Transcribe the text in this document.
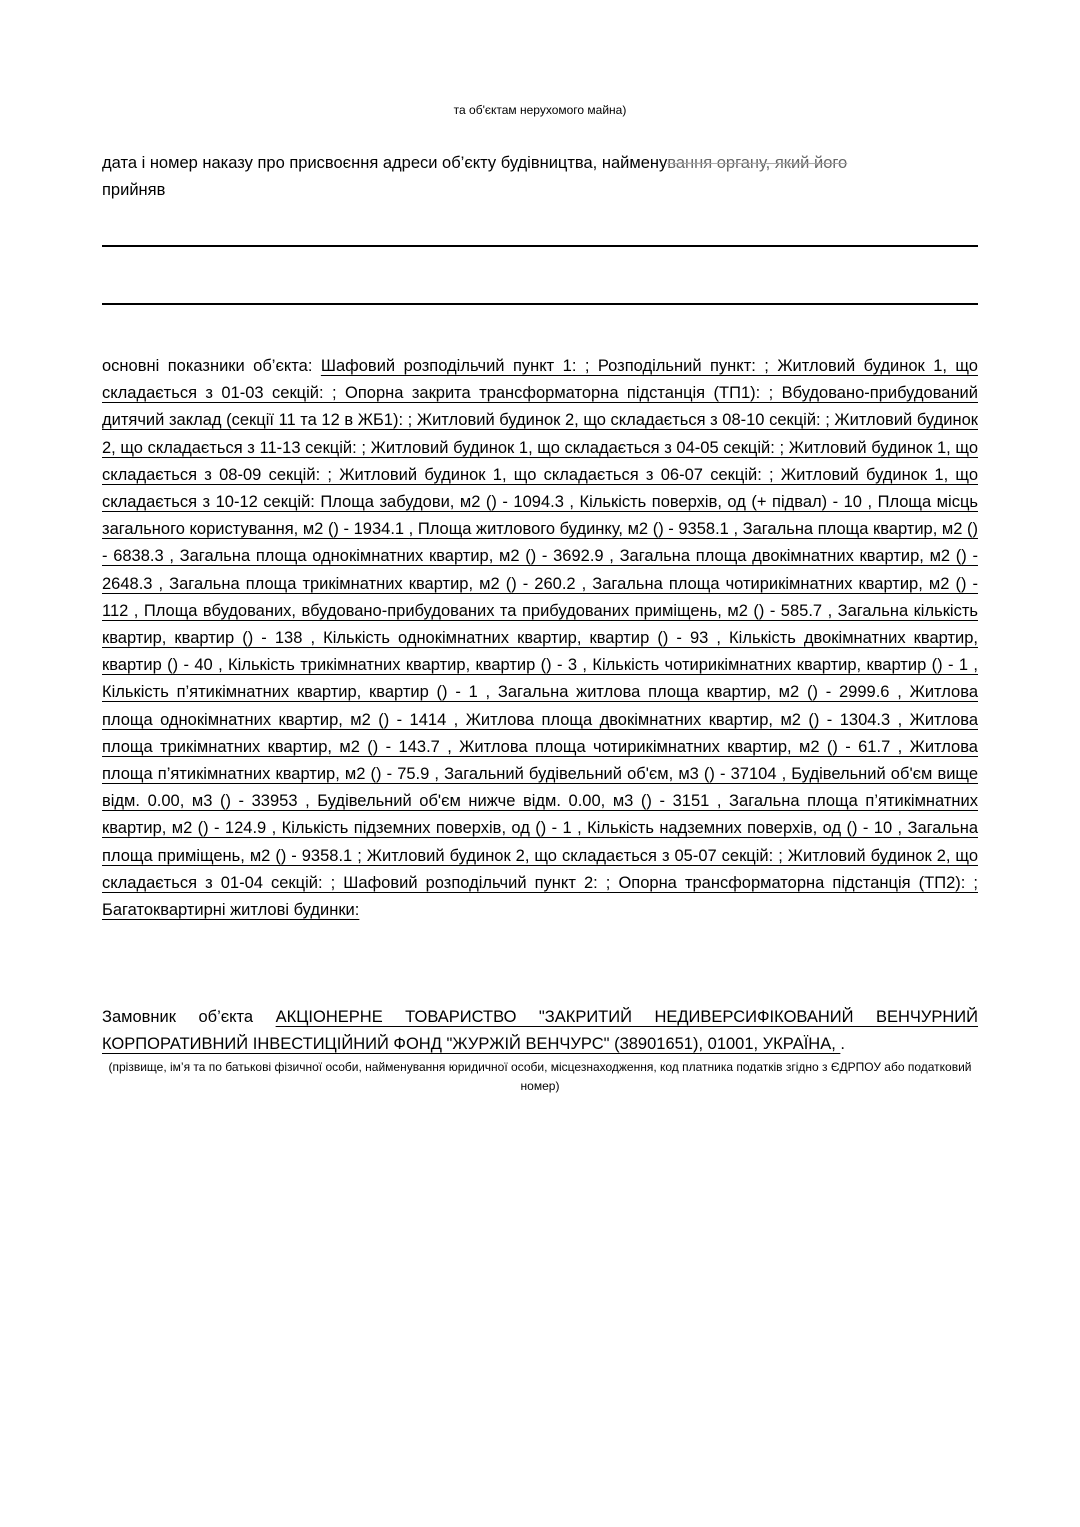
та об'єктам нерухомого майна)
дата і номер наказу про присвоєння адреси об’єкту будівництва, найменування органу, який його
прийняв
основні показники об’єкта: Шафовий розподільчий пункт 1: ; Розподільний пункт: ; Житловий будинок 1, що складається з 01-03 секцій: ; Опорна закрита трансформаторна підстанція (ТП1): ; Вбудовано-прибудований дитячий заклад (секції 11 та 12 в ЖБ1): ; Житловий будинок 2, що складається з 08-10 секцій: ; Житловий будинок 2, що складається з 11-13 секцій: ; Житловий будинок 1, що складається з 04-05 секцій: ; Житловий будинок 1, що складається з 08-09 секцій: ; Житловий будинок 1, що складається з 06-07 секцій: ; Житловий будинок 1, що складається з 10-12 секцій: Площа забудови, м2 () - 1094.3 , Кількість поверхів, од (+ підвал) - 10 , Площа місць загального користування, м2 () - 1934.1 , Площа житлового будинку, м2 () - 9358.1 , Загальна площа квартир, м2 () - 6838.3 , Загальна площа однокімнатних квартир, м2 () - 3692.9 , Загальна площа двокімнатних квартир, м2 () - 2648.3 , Загальна площа трикімнатних квартир, м2 () - 260.2 , Загальна площа чотирикімнатних квартир, м2 () - 112 , Площа вбудованих, вбудовано-прибудованих та прибудованих приміщень, м2 () - 585.7 , Загальна кількість квартир, квартир () - 138 , Кількість однокімнатних квартир, квартир () - 93 , Кількість двокімнатних квартир, квартир () - 40 , Кількість трикімнатних квартир, квартир () - 3 , Кількість чотирикімнатних квартир, квартир () - 1 , Кількість п’ятикімнатних квартир, квартир () - 1 , Загальна житлова площа квартир, м2 () - 2999.6 , Житлова площа однокімнатних квартир, м2 () - 1414 , Житлова площа двокімнатних квартир, м2 () - 1304.3 , Житлова площа трикімнатних квартир, м2 () - 143.7 , Житлова площа чотирикімнатних квартир, м2 () - 61.7 , Житлова площа п’ятикімнатних квартир, м2 () - 75.9 , Загальний будівельний об'єм, м3 () - 37104 , Будівельний об'єм вище відм. 0.00, м3 () - 33953 , Будівельний об'єм нижче відм. 0.00, м3 () - 3151 , Загальна площа п’ятикімнатних квартир, м2 () - 124.9 , Кількість підземних поверхів, од () - 1 , Кількість надземних поверхів, од () - 10 , Загальна площа приміщень, м2 () - 9358.1 ; Житловий будинок 2, що складається з 05-07 секцій: ; Житловий будинок 2, що складається з 01-04 секцій: ; Шафовий розподільчий пункт 2: ; Опорна трансформаторна підстанція (ТП2): ; Багатоквартирні житлові будинки:
Замовник об’єкта АКЦІОНЕРНЕ ТОВАРИСТВО "ЗАКРИТИЙ НЕДИВЕРСИФІКОВАНИЙ ВЕНЧУРНИЙ КОРПОРАТИВНИЙ ІНВЕСТИЦІЙНИЙ ФОНД "ЖУРЖІЙ ВЕНЧУРС" (38901651), 01001, УКРАЇНА, .
(прізвище, ім’я та по батькові фізичної особи, найменування юридичної особи, місцезнаходження, код платника податків згідно з ЄДРПОУ або податковий номер)
